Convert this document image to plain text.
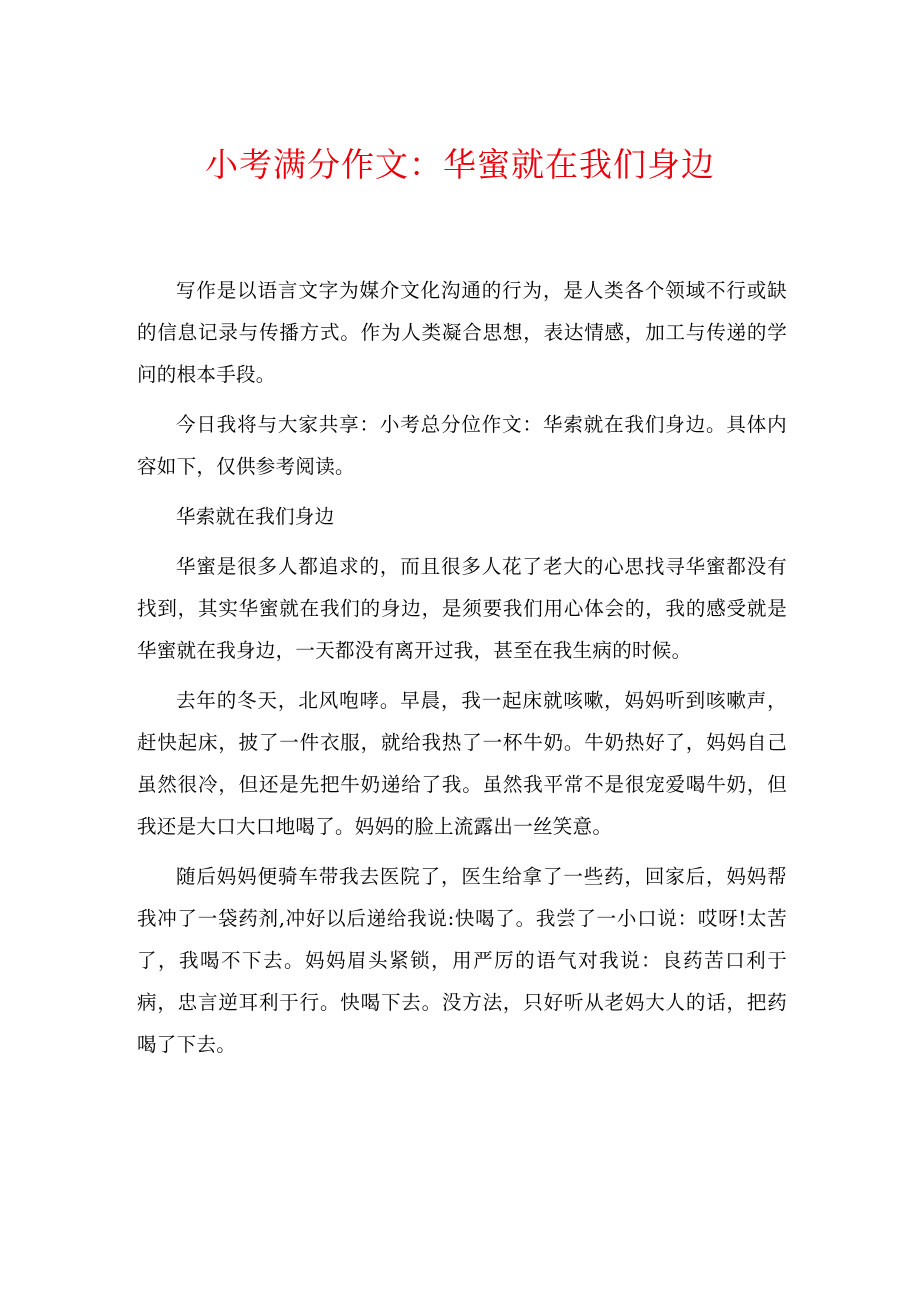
小考满分作文：华蜜就在我们身边

写作是以语言文字为媒介文化沟通的行为，是人类各个领域不行或缺的信息记录与传播方式。作为人类凝合思想，表达情感，加工与传递的学问的根本手段。

今日我将与大家共享：小考总分位作文：华索就在我们身边。具体内容如下，仅供参考阅读。

华索就在我们身边

华蜜是很多人都追求的，而且很多人花了老大的心思找寻华蜜都没有找到，其实华蜜就在我们的身边，是须要我们用心体会的，我的感受就是华蜜就在我身边，一天都没有离开过我，甚至在我生病的时候。

去年的冬天，北风咆哮。早晨，我一起床就咳嗽，妈妈听到咳嗽声，赶快起床，披了一件衣服，就给我热了一杯牛奶。牛奶热好了，妈妈自己虽然很冷，但还是先把牛奶递给了我。虽然我平常不是很宠爱喝牛奶，但我还是大口大口地喝了。妈妈的脸上流露出一丝笑意。

随后妈妈便骑车带我去医院了，医生给拿了一些药，回家后，妈妈帮我冲了一袋药剂,冲好以后递给我说:快喝了。我尝了一小口说：哎呀!太苦了，我喝不下去。妈妈眉头紧锁，用严厉的语气对我说：良药苦口利于病，忠言逆耳利于行。快喝下去。没方法，只好听从老妈大人的话，把药喝了下去。
